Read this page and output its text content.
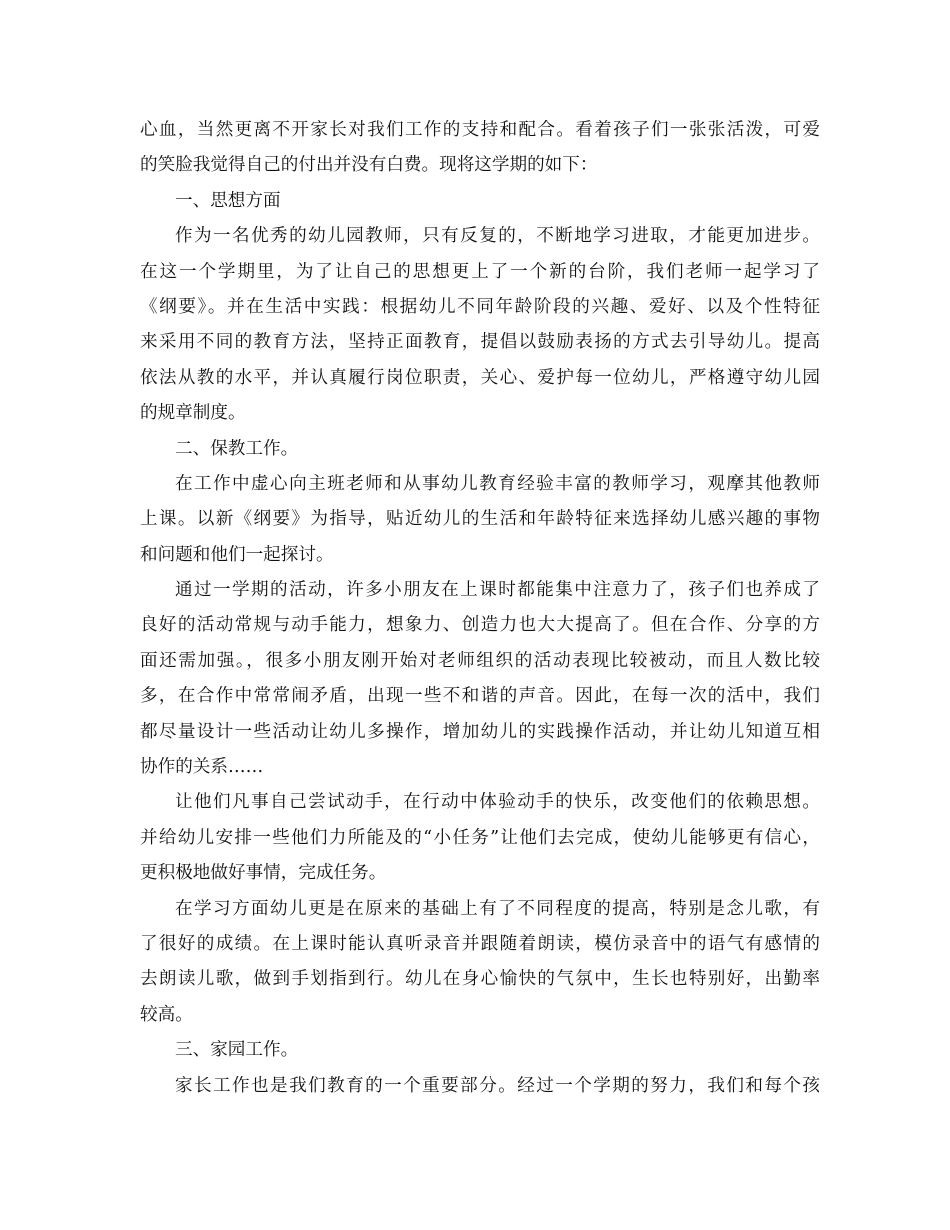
心血，当然更离不开家长对我们工作的支持和配合。看着孩子们一张张活泼，可爱
的笑脸我觉得自己的付出并没有白费。现将这学期的如下：
一、思想方面
作为一名优秀的幼儿园教师，只有反复的，不断地学习进取，才能更加进步。
在这一个学期里，为了让自己的思想更上了一个新的台阶，我们老师一起学习了
《纲要》。并在生活中实践：根据幼儿不同年龄阶段的兴趣、爱好、以及个性特征
来采用不同的教育方法，坚持正面教育，提倡以鼓励表扬的方式去引导幼儿。提高
依法从教的水平，并认真履行岗位职责，关心、爱护每一位幼儿，严格遵守幼儿园
的规章制度。
二、保教工作。
在工作中虚心向主班老师和从事幼儿教育经验丰富的教师学习，观摩其他教师
上课。以新《纲要》为指导，贴近幼儿的生活和年龄特征来选择幼儿感兴趣的事物
和问题和他们一起探讨。
通过一学期的活动，许多小朋友在上课时都能集中注意力了，孩子们也养成了
良好的活动常规与动手能力，想象力、创造力也大大提高了。但在合作、分享的方
面还需加强。，很多小朋友刚开始对老师组织的活动表现比较被动，而且人数比较
多，在合作中常常闹矛盾，出现一些不和谐的声音。因此，在每一次的活中，我们
都尽量设计一些活动让幼儿多操作，增加幼儿的实践操作活动，并让幼儿知道互相
协作的关系……
让他们凡事自己尝试动手，在行动中体验动手的快乐，改变他们的依赖思想。
并给幼儿安排一些他们力所能及的“小任务”让他们去完成，使幼儿能够更有信心，
更积极地做好事情，完成任务。
在学习方面幼儿更是在原来的基础上有了不同程度的提高，特别是念儿歌，有
了很好的成绩。在上课时能认真听录音并跟随着朗读，模仿录音中的语气有感情的
去朗读儿歌，做到手划指到行。幼儿在身心愉快的气氛中，生长也特别好，出勤率
较高。
三、家园工作。
家长工作也是我们教育的一个重要部分。经过一个学期的努力，我们和每个孩
